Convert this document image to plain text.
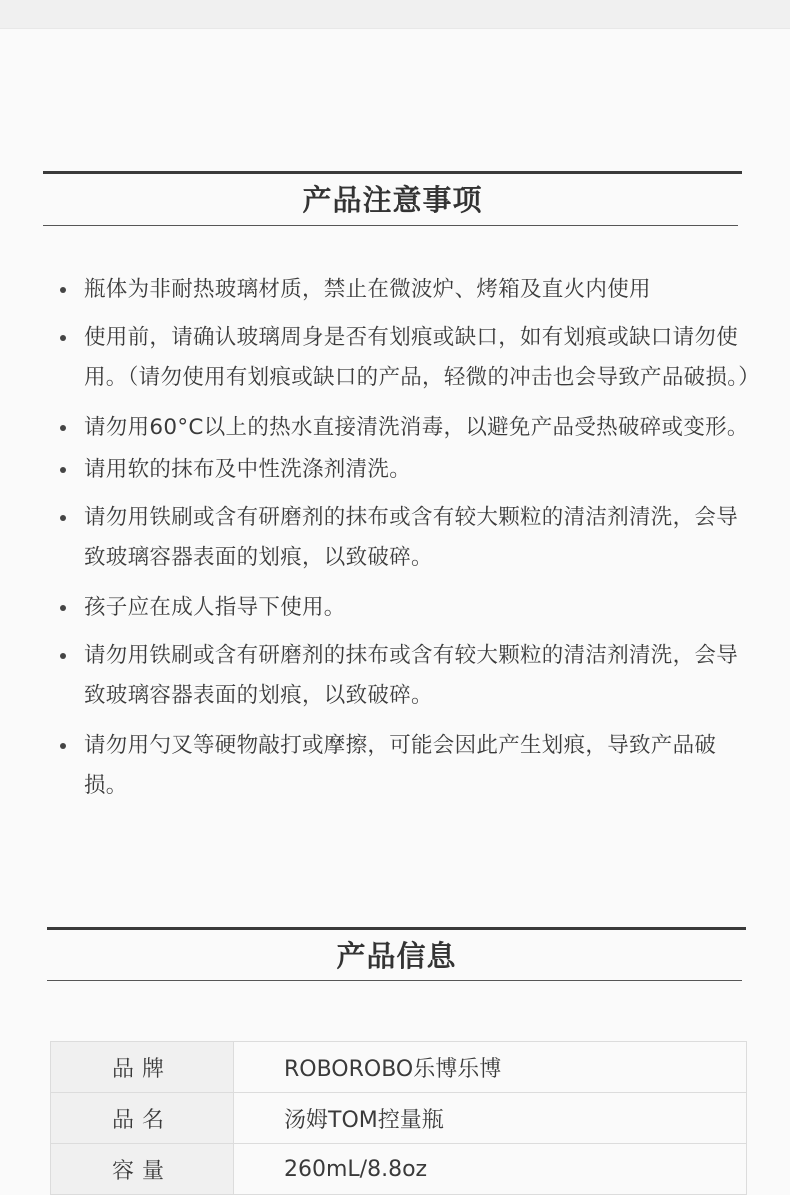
产品注意事项
瓶体为非耐热玻璃材质，禁止在微波炉、烤箱及直火内使用
使用前，请确认玻璃周身是否有划痕或缺口，如有划痕或缺口请勿使用。（请勿使用有划痕或缺口的产品，轻微的冲击也会导致产品破损。）
请勿用60°C以上的热水直接清洗消毒，以避免产品受热破碎或变形。
请用软的抹布及中性洗涤剂清洗。
请勿用铁刷或含有研磨剂的抹布或含有较大颗粒的清洁剂清洗，会导致玻璃容器表面的划痕，以致破碎。
孩子应在成人指导下使用。
请勿用铁刷或含有研磨剂的抹布或含有较大颗粒的清洁剂清洗，会导致玻璃容器表面的划痕，以致破碎。
请勿用勺叉等硬物敲打或摩擦，可能会因此产生划痕，导致产品破损。
产品信息
品牌	ROBOROBO乐博乐博
品名	汤姆TOM控量瓶
容量	260mL/8.8oz
